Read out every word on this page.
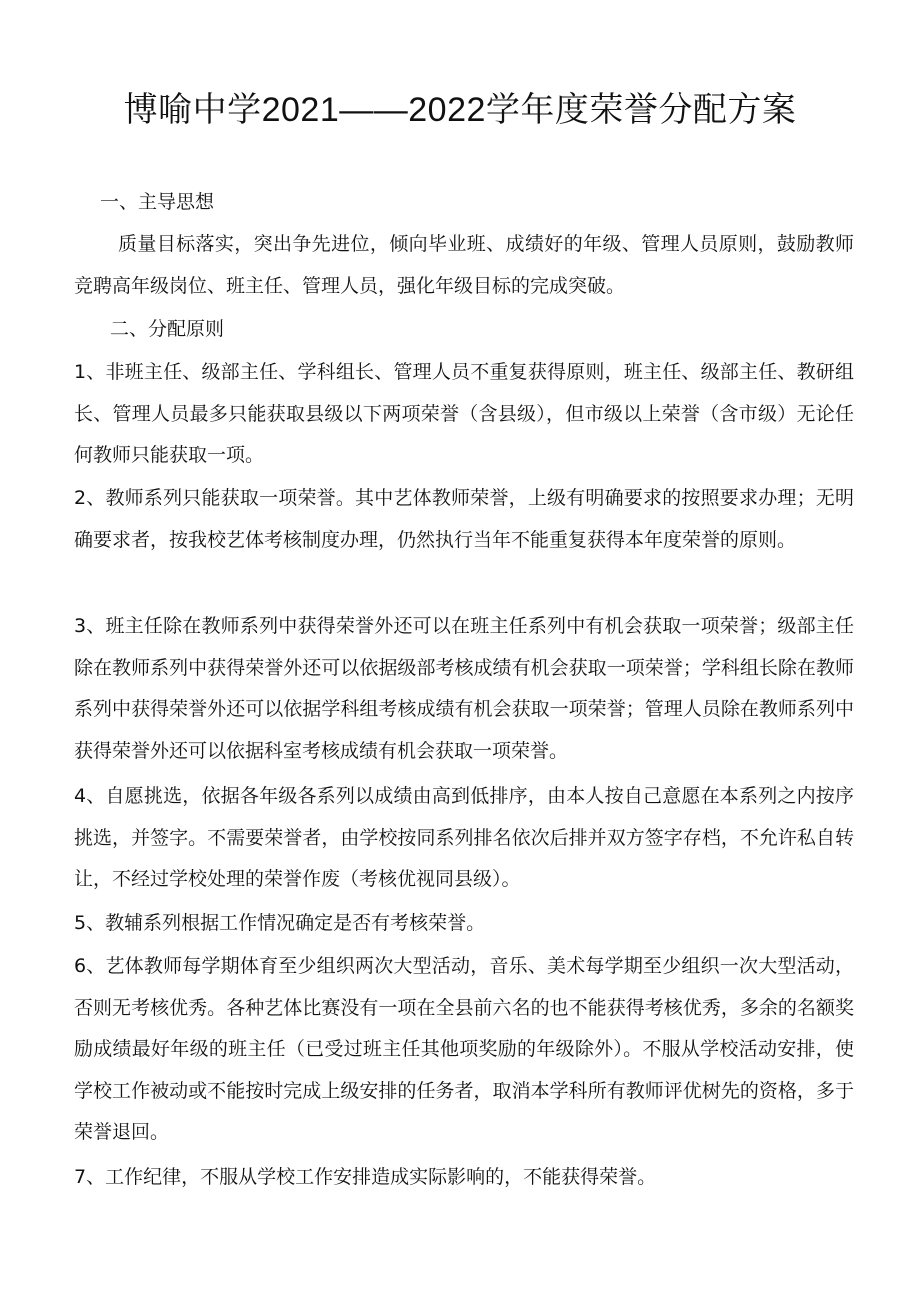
博喻中学2021——2022学年度荣誉分配方案

一、主导思想

质量目标落实，突出争先进位，倾向毕业班、成绩好的年级、管理人员原则，鼓励教师竞聘高年级岗位、班主任、管理人员，强化年级目标的完成突破。

二、分配原则

1、非班主任、级部主任、学科组长、管理人员不重复获得原则，班主任、级部主任、教研组长、管理人员最多只能获取县级以下两项荣誉（含县级），但市级以上荣誉（含市级）无论任何教师只能获取一项。

2、教师系列只能获取一项荣誉。其中艺体教师荣誉，上级有明确要求的按照要求办理；无明确要求者，按我校艺体考核制度办理，仍然执行当年不能重复获得本年度荣誉的原则。

3、班主任除在教师系列中获得荣誉外还可以在班主任系列中有机会获取一项荣誉；级部主任除在教师系列中获得荣誉外还可以依据级部考核成绩有机会获取一项荣誉；学科组长除在教师系列中获得荣誉外还可以依据学科组考核成绩有机会获取一项荣誉；管理人员除在教师系列中获得荣誉外还可以依据科室考核成绩有机会获取一项荣誉。

4、自愿挑选，依据各年级各系列以成绩由高到低排序，由本人按自己意愿在本系列之内按序挑选，并签字。不需要荣誉者，由学校按同系列排名依次后排并双方签字存档，不允许私自转让，不经过学校处理的荣誉作废（考核优视同县级）。

5、教辅系列根据工作情况确定是否有考核荣誉。

6、艺体教师每学期体育至少组织两次大型活动，音乐、美术每学期至少组织一次大型活动，否则无考核优秀。各种艺体比赛没有一项在全县前六名的也不能获得考核优秀，多余的名额奖励成绩最好年级的班主任（已受过班主任其他项奖励的年级除外）。不服从学校活动安排，使学校工作被动或不能按时完成上级安排的任务者，取消本学科所有教师评优树先的资格，多于荣誉退回。

7、工作纪律，不服从学校工作安排造成实际影响的，不能获得荣誉。
